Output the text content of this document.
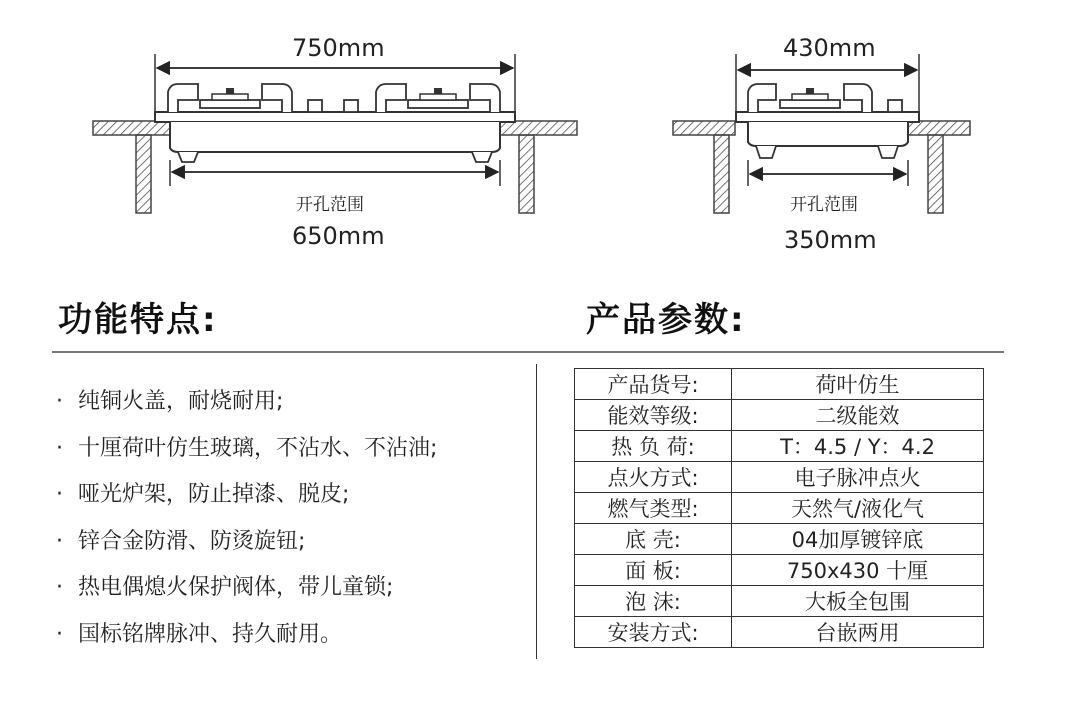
750mm
开孔范围
650mm
430mm
开孔范围
350mm
功能特点:	产品参数:
· 纯铜火盖，耐烧耐用;
· 十厘荷叶仿生玻璃，不沾水、不沾油;
· 哑光炉架，防止掉漆、脱皮;
· 锌合金防滑、防烫旋钮;
· 热电偶熄火保护阀体，带儿童锁;
· 国标铭牌脉冲、持久耐用。
产品货号:	荷叶仿生
能效等级:	二级能效
热 负 荷:	T：4.5 / Y：4.2
点火方式:	电子脉冲点火
燃气类型:	天然气/液化气
底 壳:	04加厚镀锌底
面 板:	750x430 十厘
泡 沫:	大板全包围
安装方式:	台嵌两用
